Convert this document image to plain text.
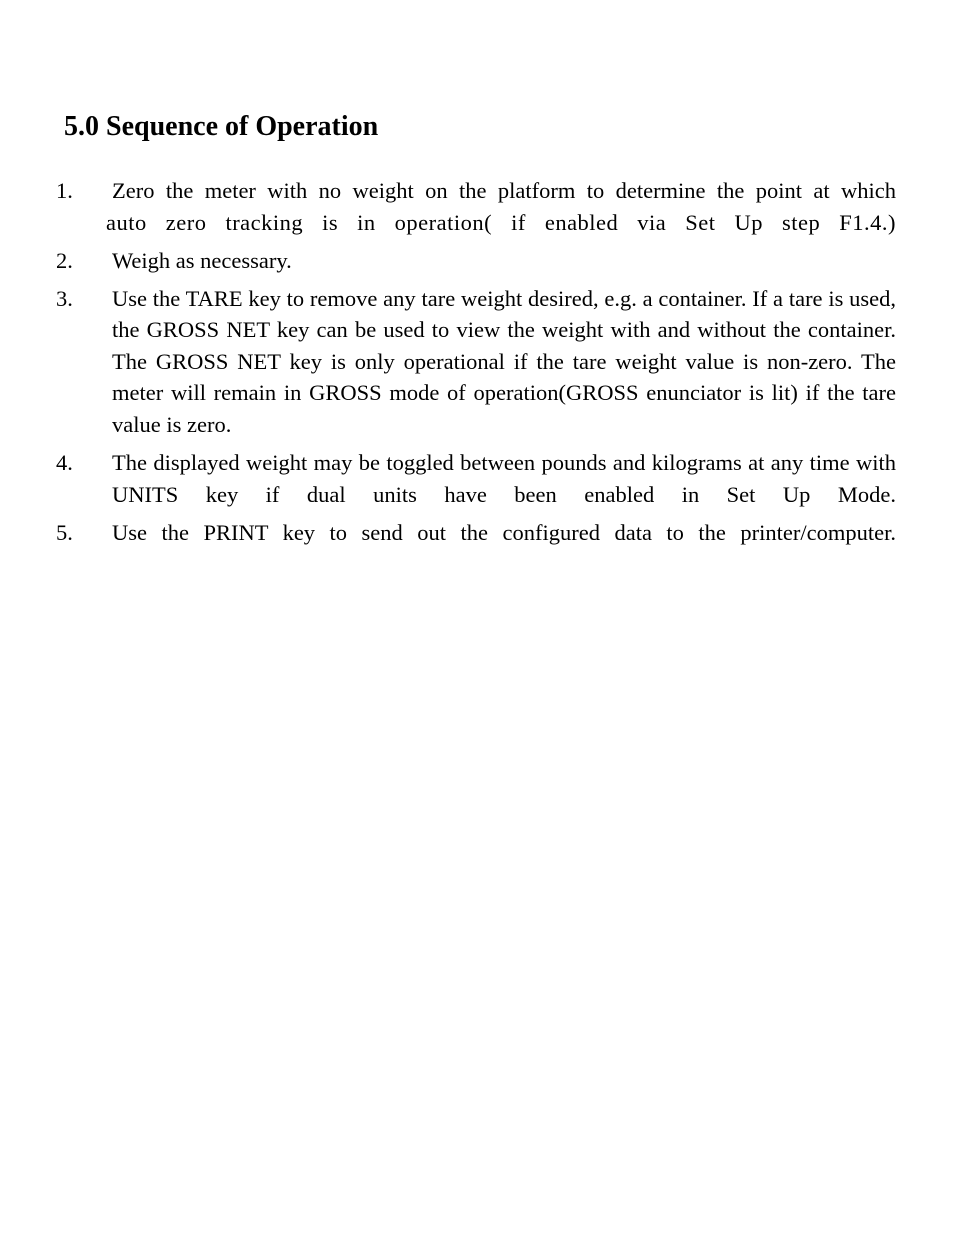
5.0 Sequence of Operation
1. Zero the meter with no weight on the platform to determine the point at which
auto zero tracking is in operation( if enabled via Set Up step F1.4.)
2. Weigh as necessary.
3. Use the TARE key to remove any tare weight desired, e.g. a container. If a tare is used, the GROSS NET key can be used to view the weight with and without the container. The GROSS NET key is only operational if the tare weight value is non-zero. The meter will remain in GROSS mode of operation(GROSS enunciator is lit) if the tare value is zero.
4. The displayed weight may be toggled between pounds and kilograms at any time with UNITS key if dual units have been enabled in Set Up Mode.
5. Use the PRINT key to send out the configured data to the printer/computer.
